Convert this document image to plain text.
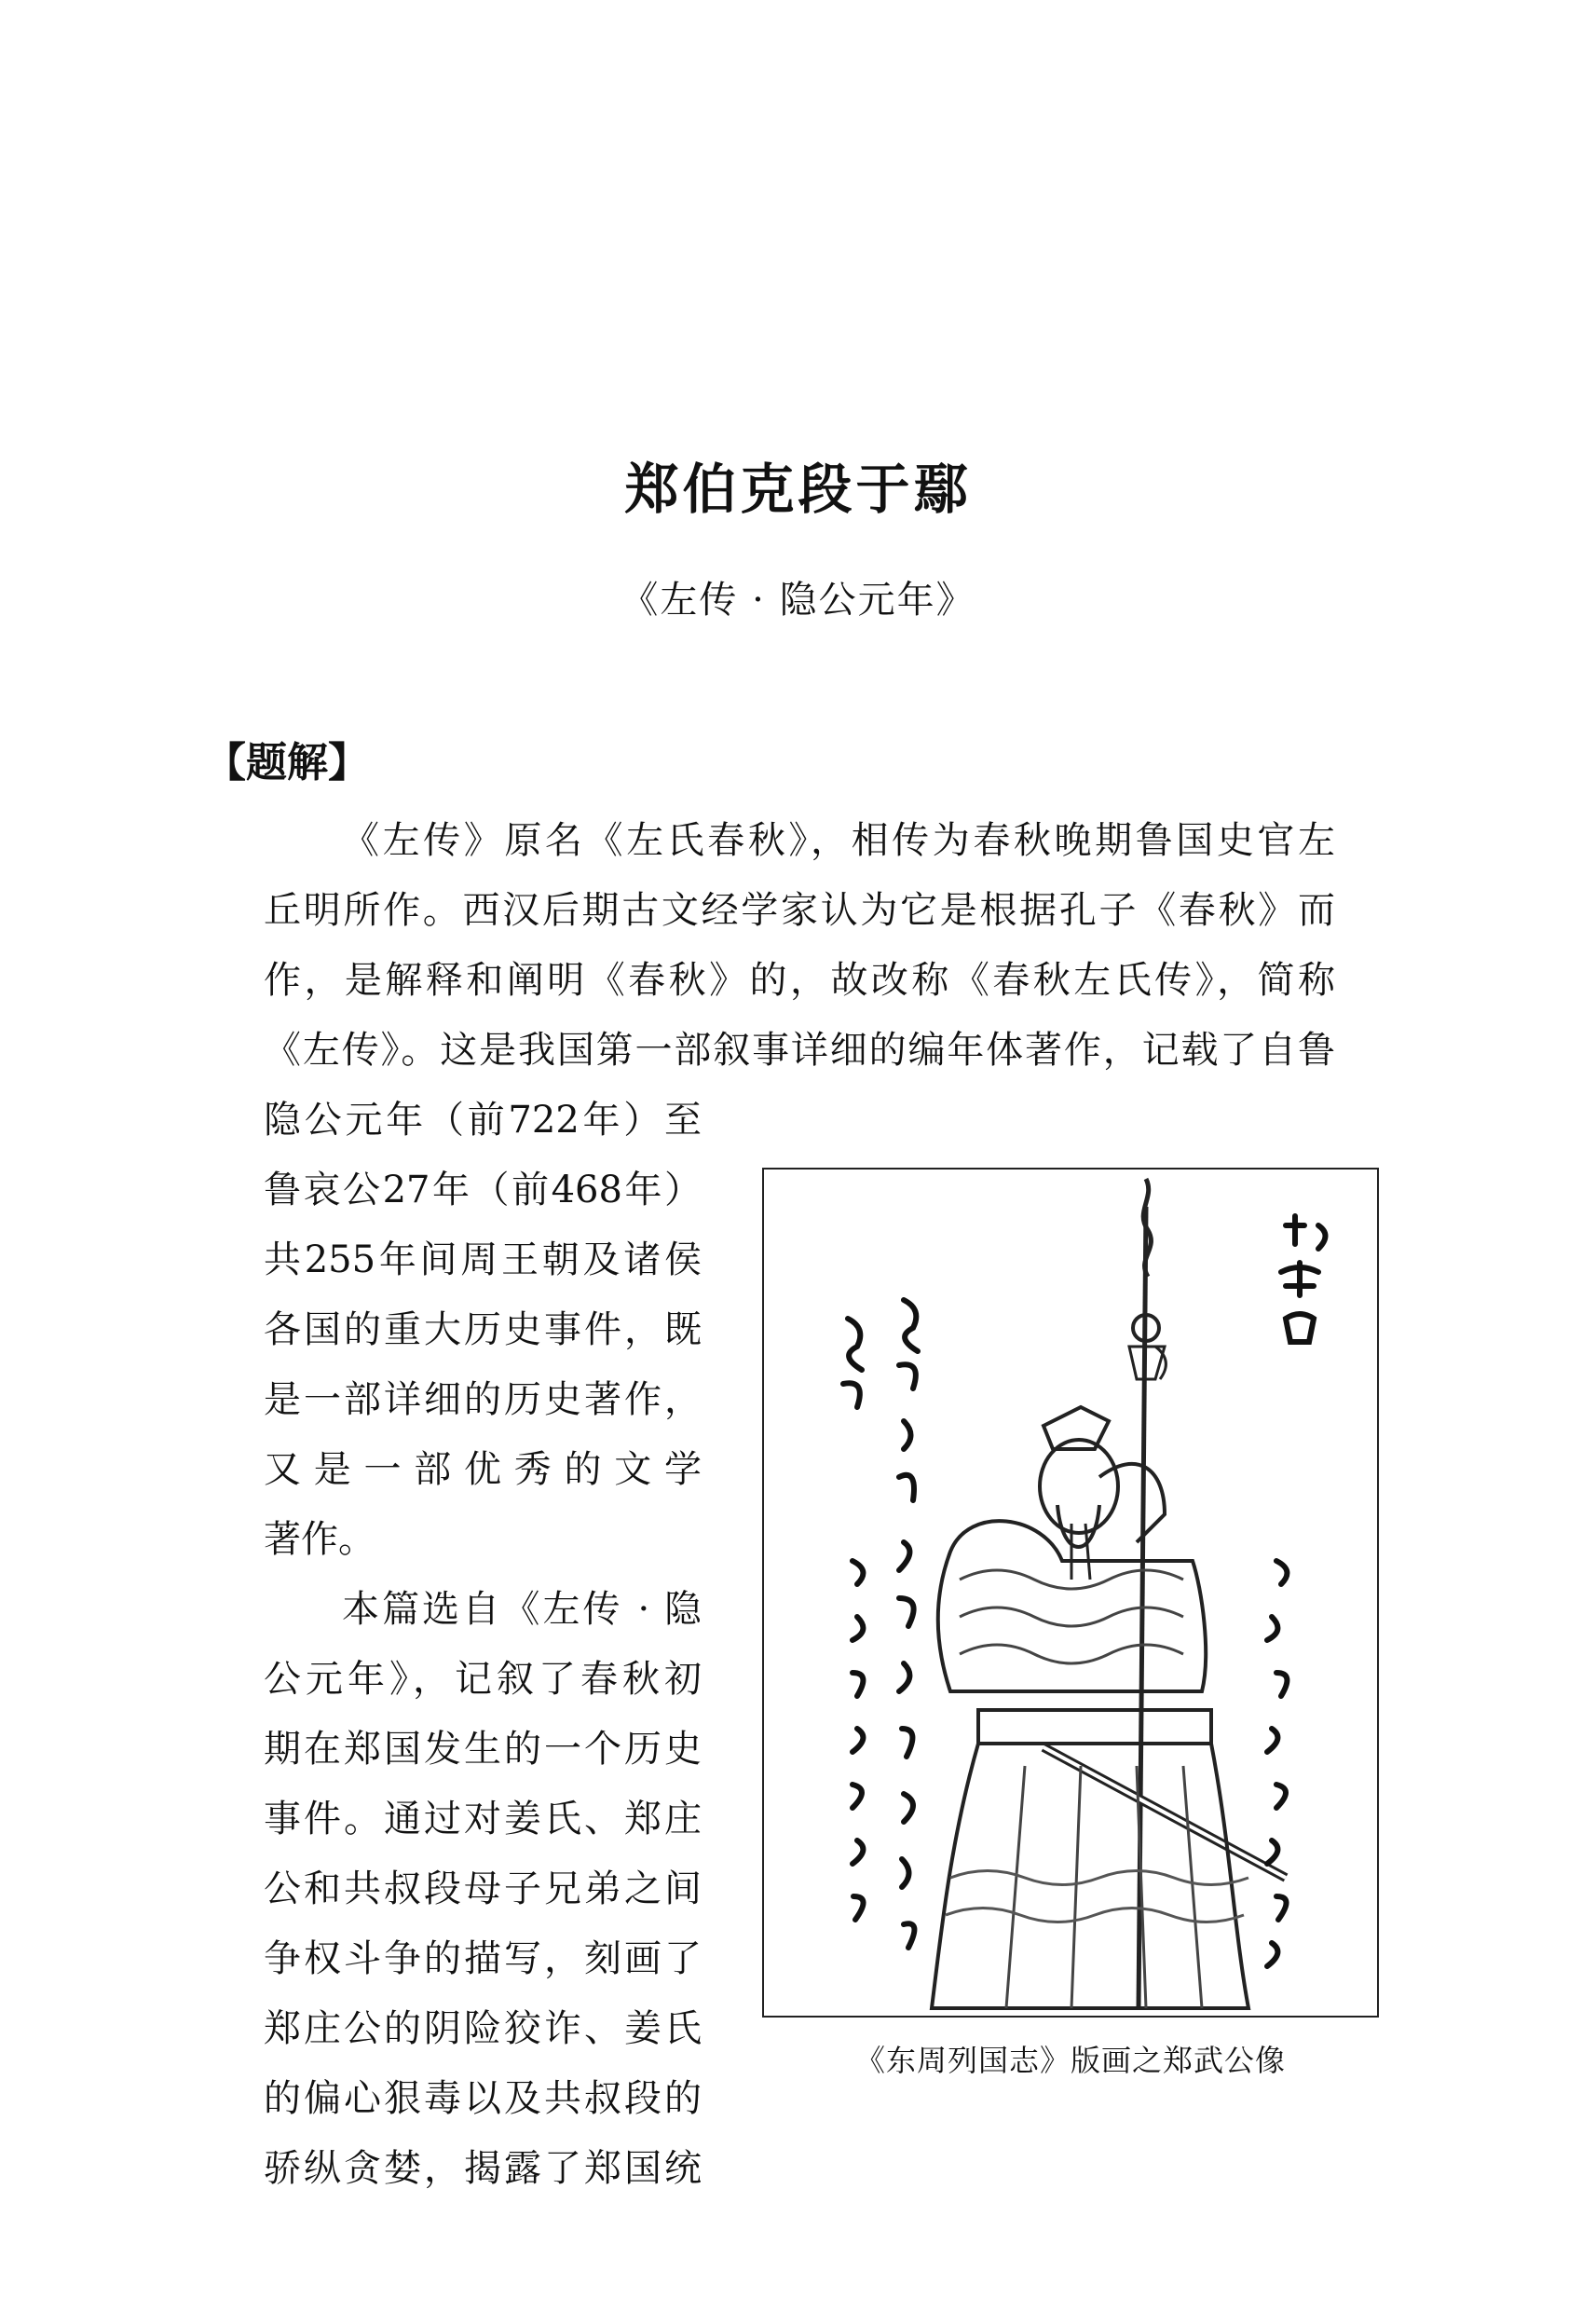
郑伯克段于鄢
《左传 · 隐公元年》
【题解】
《左传》原名《左氏春秋》，相传为春秋晚期鲁国史官左
丘明所作。西汉后期古文经学家认为它是根据孔子《春秋》而
作，是解释和阐明《春秋》的，故改称《春秋左氏传》，简称
《左传》。这是我国第一部叙事详细的编年体著作，记载了自鲁
隐公元年（前722年）至
鲁哀公27年（前468年）
共255年间周王朝及诸侯
各国的重大历史事件，既
是一部详细的历史著作，
又是一部优秀的文学
著作。
本篇选自《左传 · 隐
公元年》，记叙了春秋初
期在郑国发生的一个历史
事件。通过对姜氏、郑庄
公和共叔段母子兄弟之间
争权斗争的描写，刻画了
郑庄公的阴险狡诈、姜氏
的偏心狠毒以及共叔段的
骄纵贪婪，揭露了郑国统
《东周列国志》版画之郑武公像
